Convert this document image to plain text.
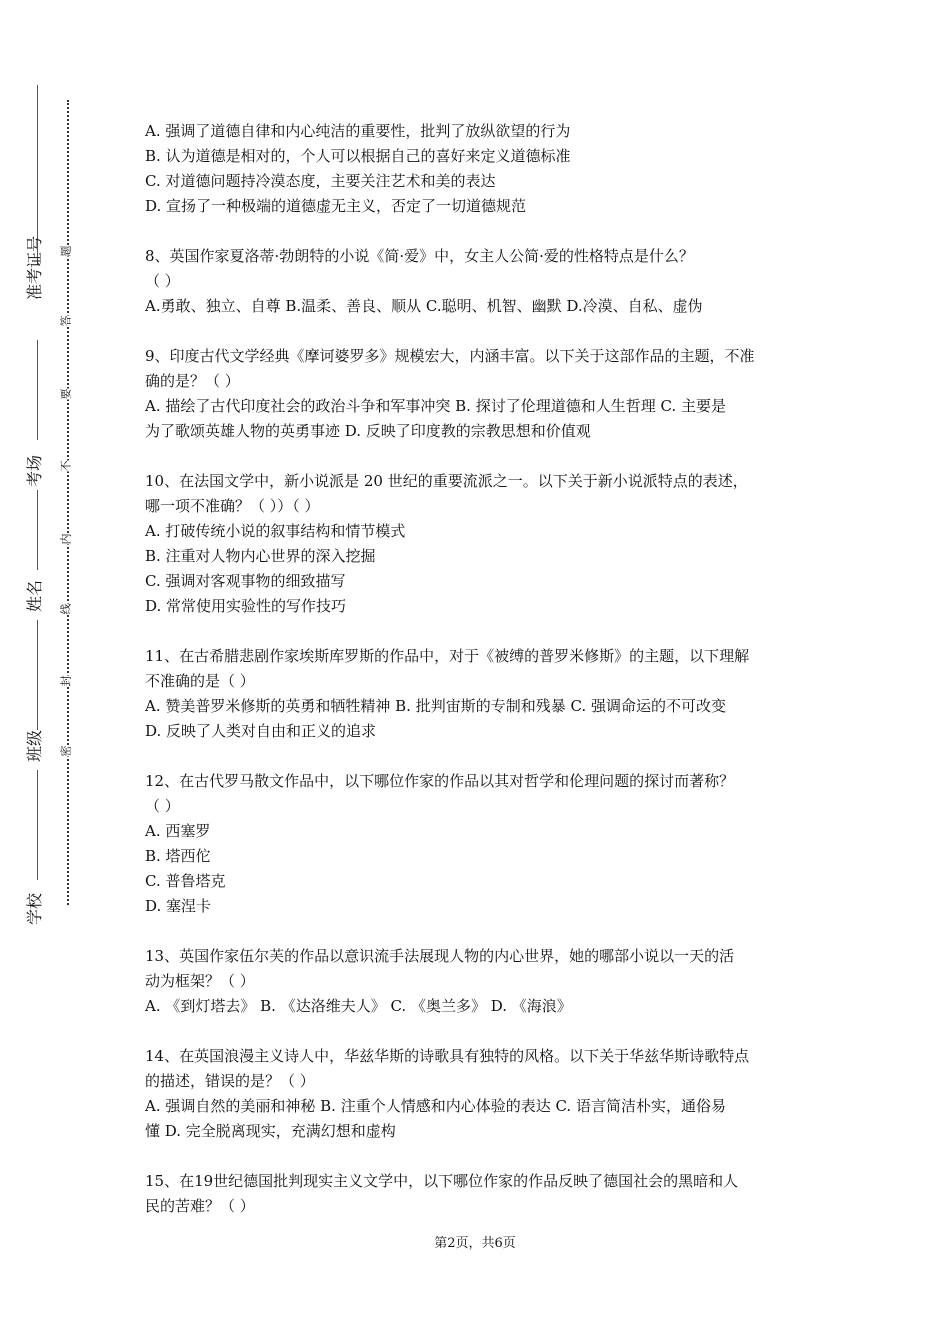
准考证号
考场
姓名
班级
学校
题
答
要
不
内
线
封
密
A. 强调了道德自律和内心纯洁的重要性，批判了放纵欲望的行为
B. 认为道德是相对的，个人可以根据自己的喜好来定义道德标准
C. 对道德问题持冷漠态度，主要关注艺术和美的表达
D. 宣扬了一种极端的道德虚无主义，否定了一切道德规范
8、英国作家夏洛蒂·勃朗特的小说《简·爱》中，女主人公简·爱的性格特点是什么？
（ ）
A.勇敢、独立、自尊 B.温柔、善良、顺从 C.聪明、机智、幽默 D.冷漠、自私、虚伪
9、印度古代文学经典《摩诃婆罗多》规模宏大，内涵丰富。以下关于这部作品的主题，不准
确的是？（ ）
A. 描绘了古代印度社会的政治斗争和军事冲突 B. 探讨了伦理道德和人生哲理 C. 主要是
为了歌颂英雄人物的英勇事迹 D. 反映了印度教的宗教思想和价值观
10、在法国文学中，新小说派是 20 世纪的重要流派之一。以下关于新小说派特点的表述，
哪一项不准确？（ ））（ ）
A. 打破传统小说的叙事结构和情节模式
B. 注重对人物内心世界的深入挖掘
C. 强调对客观事物的细致描写
D. 常常使用实验性的写作技巧
11、在古希腊悲剧作家埃斯库罗斯的作品中，对于《被缚的普罗米修斯》的主题，以下理解
不准确的是（ ）
A. 赞美普罗米修斯的英勇和牺牲精神 B. 批判宙斯的专制和残暴 C. 强调命运的不可改变
D. 反映了人类对自由和正义的追求
12、在古代罗马散文作品中，以下哪位作家的作品以其对哲学和伦理问题的探讨而著称？
（ ）
A. 西塞罗
B. 塔西佗
C. 普鲁塔克
D. 塞涅卡
13、英国作家伍尔芙的作品以意识流手法展现人物的内心世界，她的哪部小说以一天的活
动为框架？（ ）
A. 《到灯塔去》 B. 《达洛维夫人》 C. 《奥兰多》 D. 《海浪》
14、在英国浪漫主义诗人中，华兹华斯的诗歌具有独特的风格。以下关于华兹华斯诗歌特点
的描述，错误的是？（ ）
A. 强调自然的美丽和神秘 B. 注重个人情感和内心体验的表达 C. 语言简洁朴实，通俗易
懂 D. 完全脱离现实，充满幻想和虚构
15、在19世纪德国批判现实主义文学中，以下哪位作家的作品反映了德国社会的黑暗和人
民的苦难？（ ）
第2页，共6页
